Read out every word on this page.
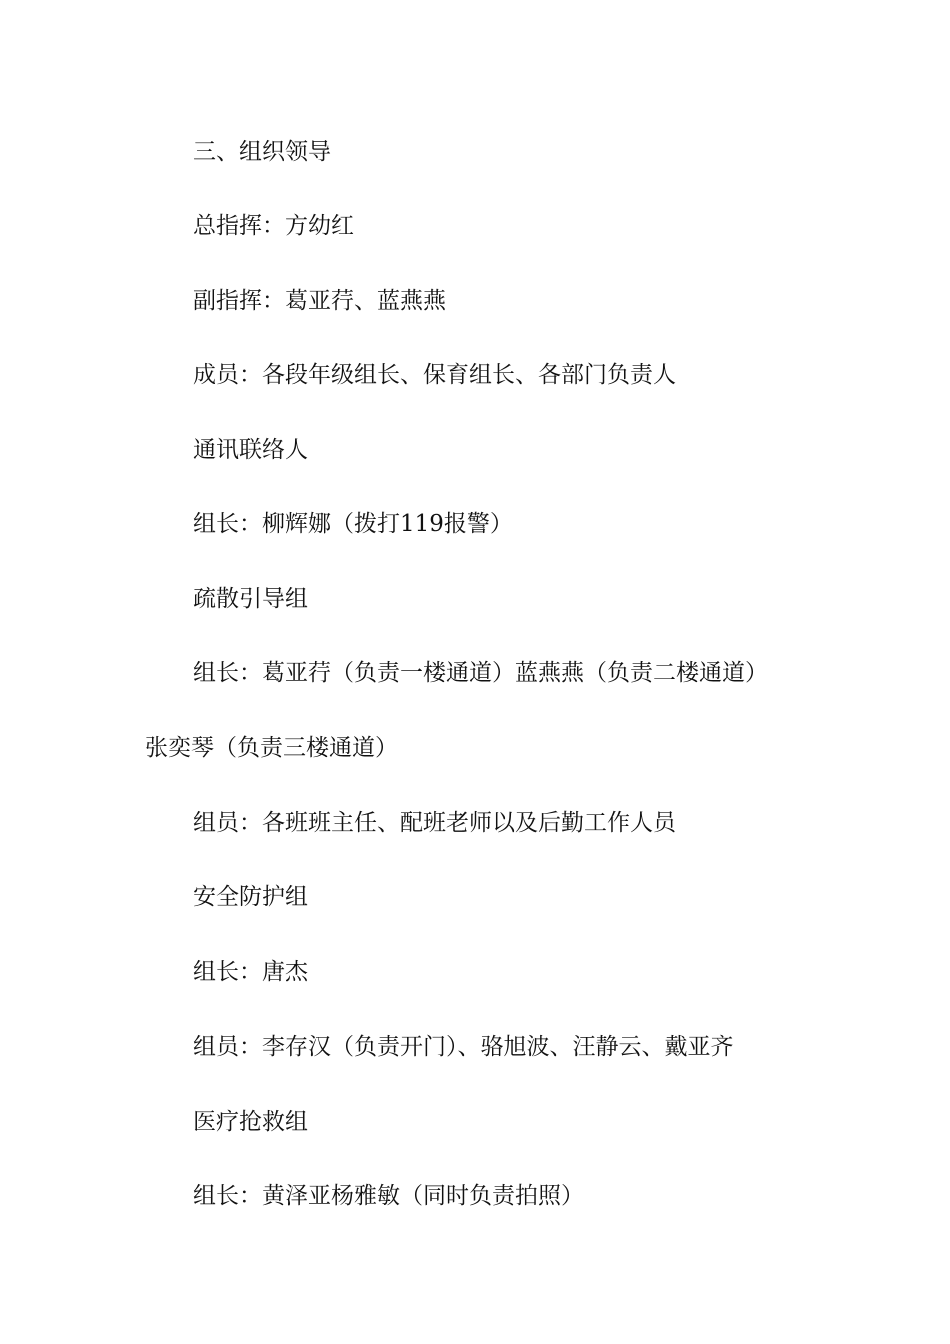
三、组织领导

总指挥：方幼红

副指挥：葛亚荇、蓝燕燕

成员：各段年级组长、保育组长、各部门负责人

通讯联络人

组长：柳辉娜（拨打119报警）

疏散引导组

组长：葛亚荇（负责一楼通道）蓝燕燕（负责二楼通道）

张奕琴（负责三楼通道）

组员：各班班主任、配班老师以及后勤工作人员

安全防护组

组长：唐杰

组员：李存汉（负责开门）、骆旭波、汪静云、戴亚齐

医疗抢救组

组长：黄泽亚杨雅敏（同时负责拍照）
